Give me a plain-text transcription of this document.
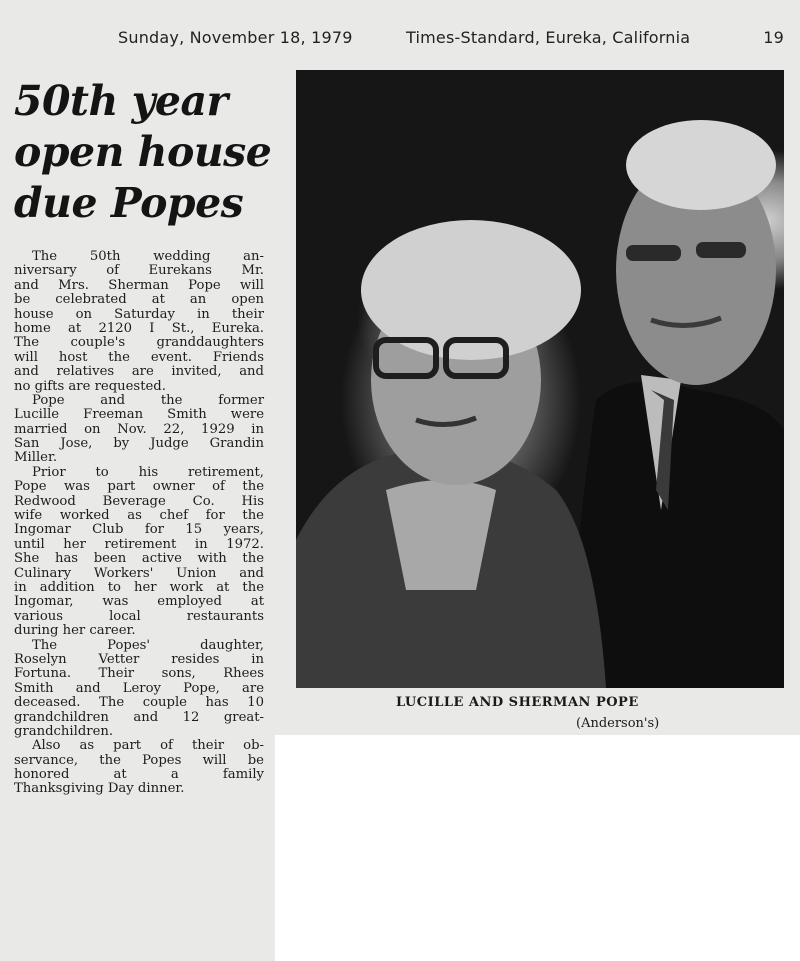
Sunday, November 18, 1979	Times-Standard, Eureka, California	19
50th year
open house
due Popes
The 50th wedding an-
niversary of Eurekans Mr.
and Mrs. Sherman Pope will
be celebrated at an open
house on Saturday in their
home at 2120 I St., Eureka.
The couple's granddaughters
will host the event. Friends
and relatives are invited, and
no gifts are requested.
Pope and the former
Lucille Freeman Smith were
married on Nov. 22, 1929 in
San Jose, by Judge Grandin
Miller.
Prior to his retirement,
Pope was part owner of the
Redwood Beverage Co. His
wife worked as chef for the
Ingomar Club for 15 years,
until her retirement in 1972.
She has been active with the
Culinary Workers' Union and
in addition to her work at the
Ingomar, was employed at
various local restaurants
during her career.
The Popes' daughter,
Roselyn Vetter resides in
Fortuna. Their sons, Rhees
Smith and Leroy Pope, are
deceased. The couple has 10
grandchildren and 12 great-
grandchildren.
Also as part of their ob-
servance, the Popes will be
honored at a family
Thanksgiving Day dinner.
LUCILLE AND SHERMAN POPE
(Anderson's)
